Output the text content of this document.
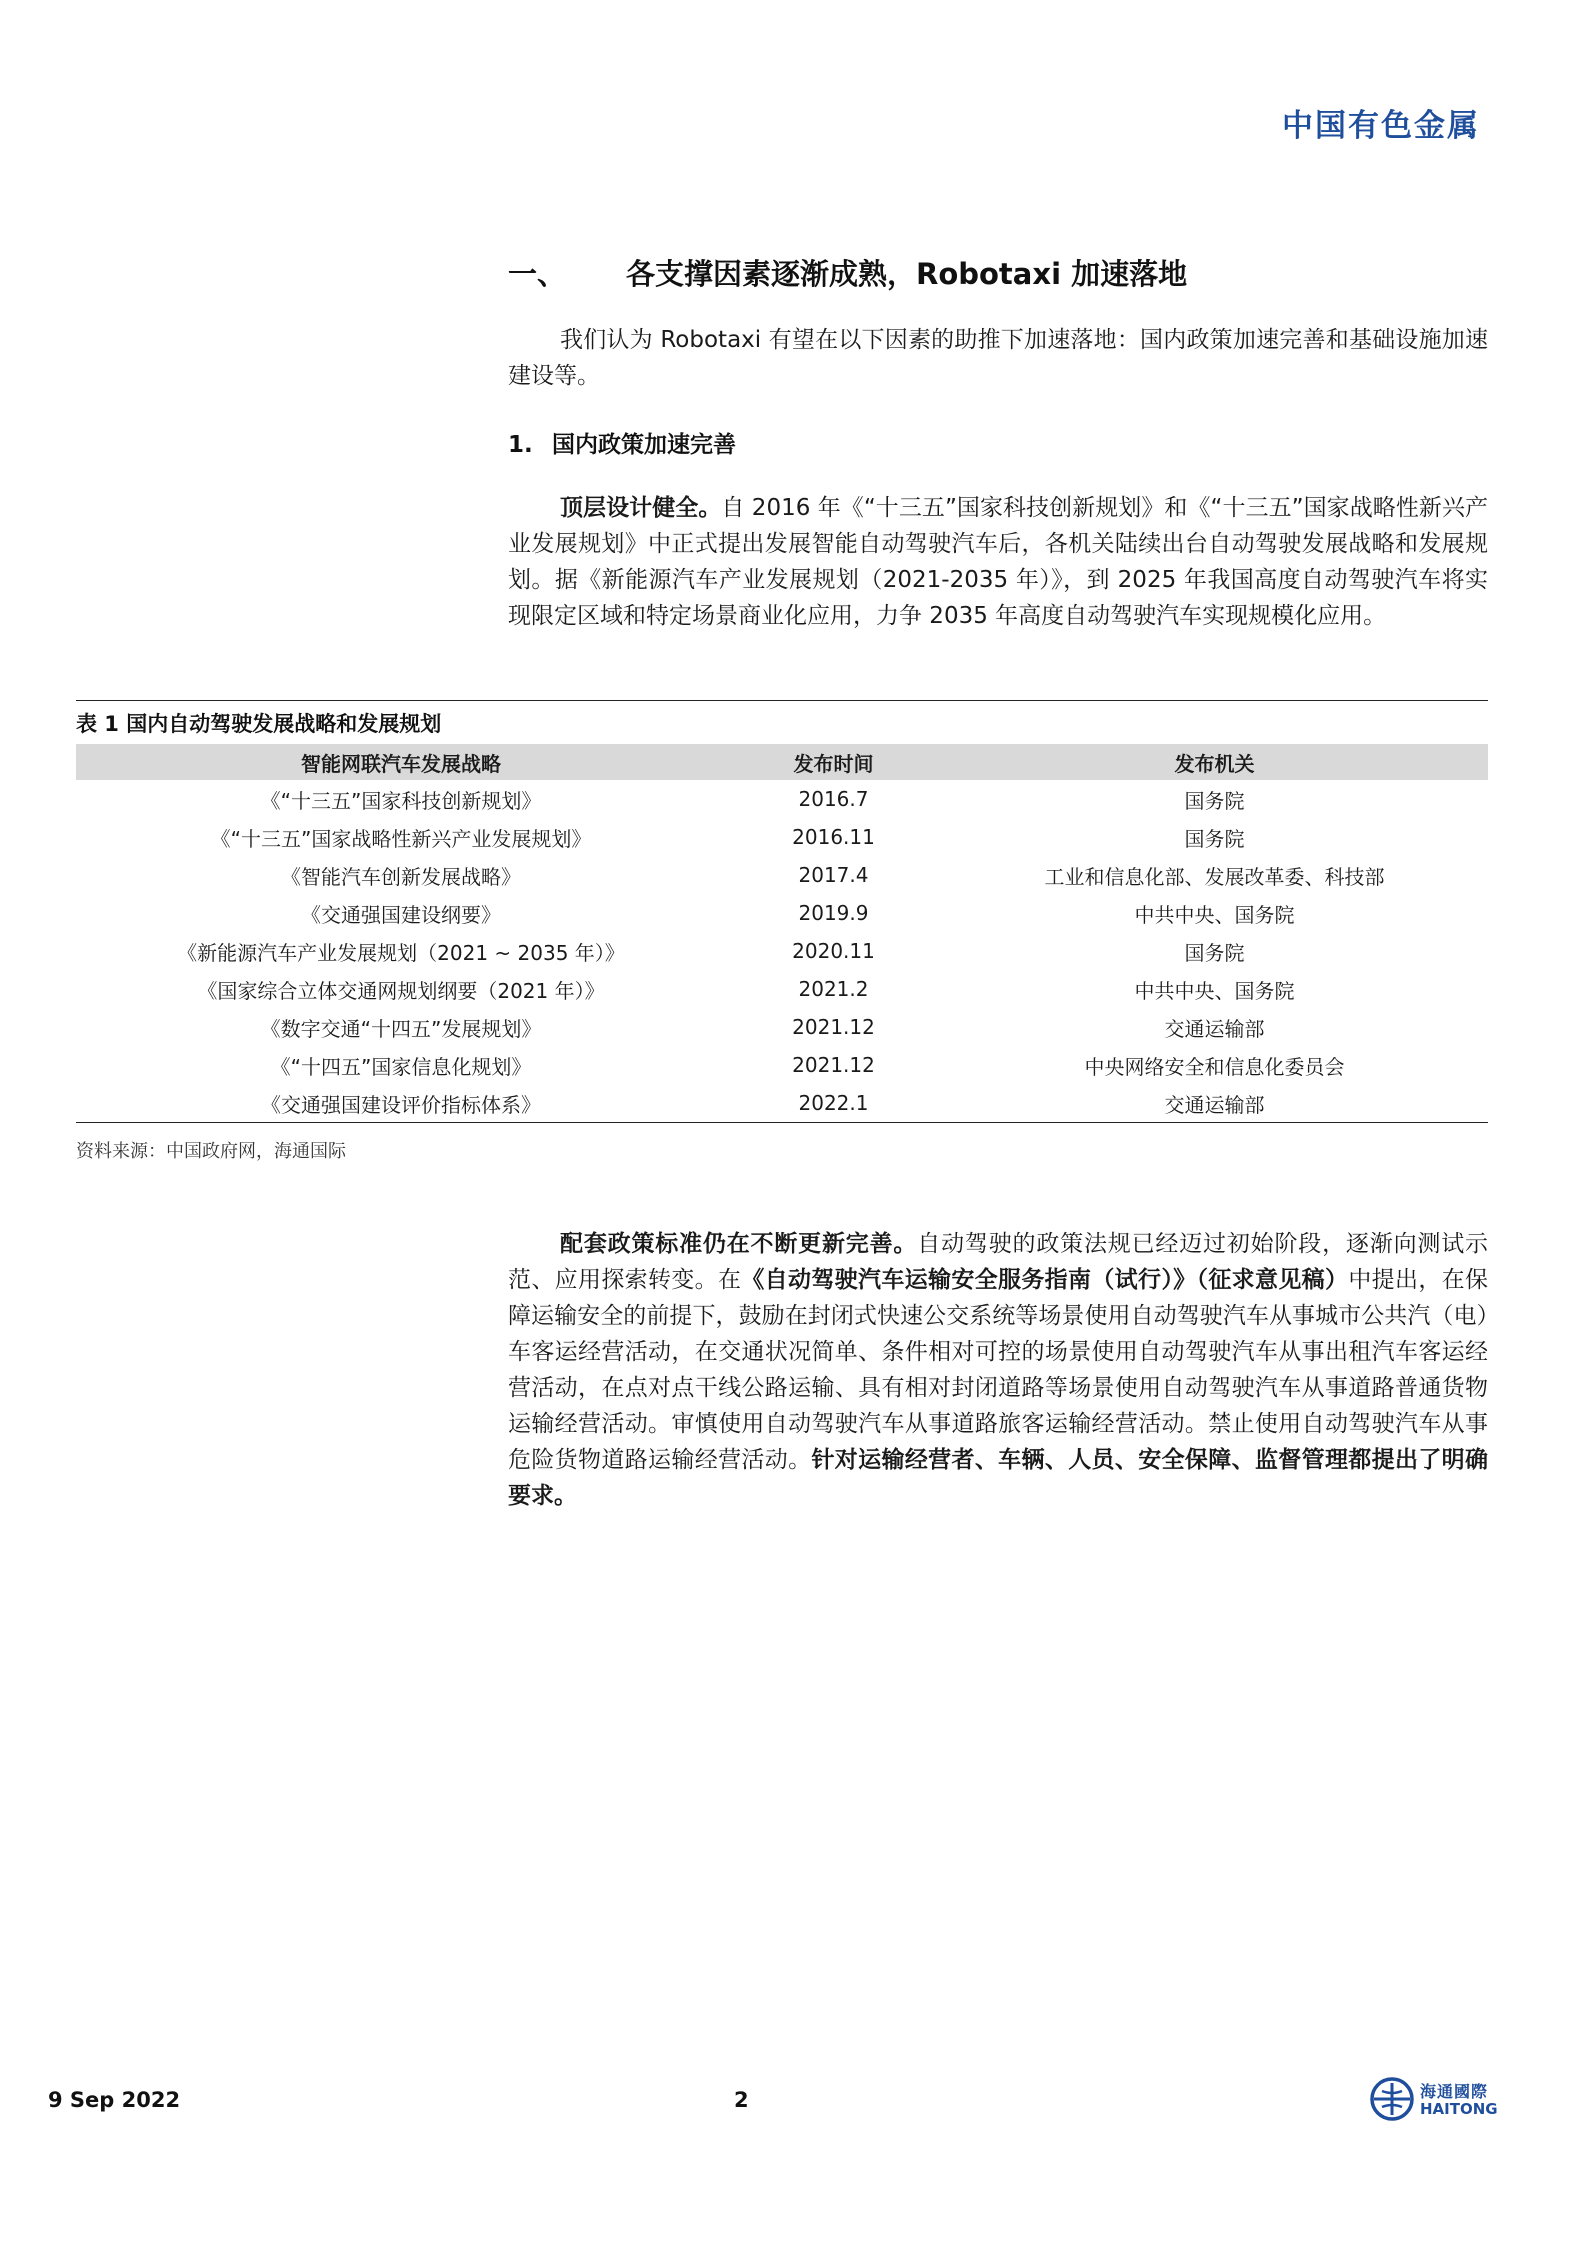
中国有色金属
一、 各支撑因素逐渐成熟，Robotaxi 加速落地
我们认为 Robotaxi 有望在以下因素的助推下加速落地：国内政策加速完善和基础设施加速建设等。
1. 国内政策加速完善
顶层设计健全。自 2016 年《“十三五”国家科技创新规划》和《“十三五”国家战略性新兴产业发展规划》中正式提出发展智能自动驾驶汽车后，各机关陆续出台自动驾驶发展战略和发展规划。据《新能源汽车产业发展规划（2021-2035 年）》，到 2025 年我国高度自动驾驶汽车将实现限定区域和特定场景商业化应用，力争 2035 年高度自动驾驶汽车实现规模化应用。
表 1 国内自动驾驶发展战略和发展规划
智能网联汽车发展战略	发布时间	发布机关
《“十三五”国家科技创新规划》	2016.7	国务院
《“十三五”国家战略性新兴产业发展规划》	2016.11	国务院
《智能汽车创新发展战略》	2017.4	工业和信息化部、发展改革委、科技部
《交通强国建设纲要》	2019.9	中共中央、国务院
《新能源汽车产业发展规划（2021 ~ 2035 年）》	2020.11	国务院
《国家综合立体交通网规划纲要（2021 年）》	2021.2	中共中央、国务院
《数字交通“十四五”发展规划》	2021.12	交通运输部
《“十四五”国家信息化规划》	2021.12	中央网络安全和信息化委员会
《交通强国建设评价指标体系》	2022.1	交通运输部
资料来源：中国政府网，海通国际
配套政策标准仍在不断更新完善。自动驾驶的政策法规已经迈过初始阶段，逐渐向测试示范、应用探索转变。在《自动驾驶汽车运输安全服务指南（试行）》（征求意见稿）中提出，在保障运输安全的前提下，鼓励在封闭式快速公交系统等场景使用自动驾驶汽车从事城市公共汽（电）车客运经营活动，在交通状况简单、条件相对可控的场景使用自动驾驶汽车从事出租汽车客运经营活动，在点对点干线公路运输、具有相对封闭道路等场景使用自动驾驶汽车从事道路普通货物运输经营活动。审慎使用自动驾驶汽车从事道路旅客运输经营活动。禁止使用自动驾驶汽车从事危险货物道路运输经营活动。针对运输经营者、车辆、人员、安全保障、监督管理都提出了明确要求。
9 Sep 2022	2	海通國際
HAITONG
